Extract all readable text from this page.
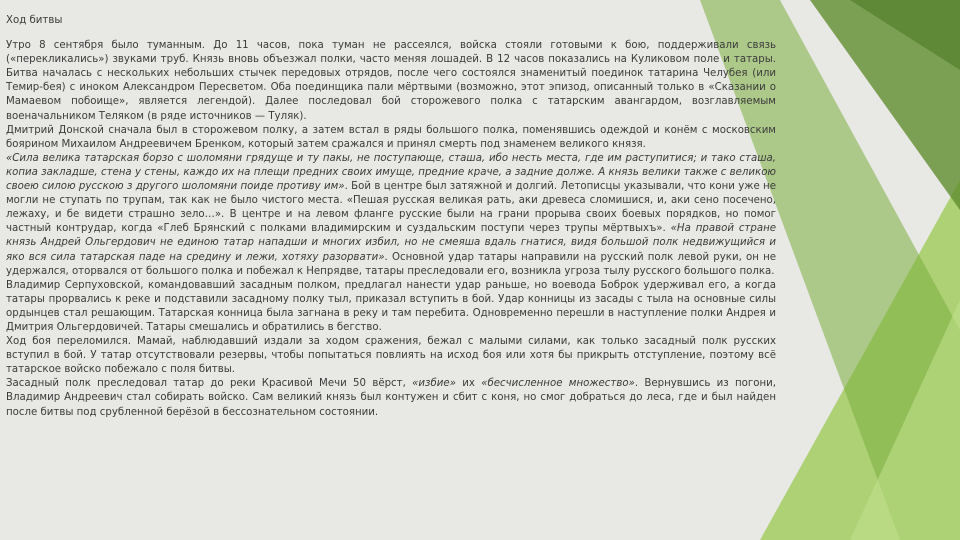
Ход битвы

Утро 8 сентября было туманным. До 11 часов, пока туман не рассеялся, войска стояли готовыми к бою, поддерживали связь («перекликались») звуками труб. Князь вновь объезжал полки, часто меняя лошадей. В 12 часов показались на Куликовом поле и татары. Битва началась с нескольких небольших стычек передовых отрядов, после чего состоялся знаменитый поединок татарина Челубея (или Темир-бея) с иноком Александром Пересветом. Оба поединщика пали мёртвыми (возможно, этот эпизод, описанный только в «Сказании о Мамаевом побоище», является легендой). Далее последовал бой сторожевого полка с татарским авангардом, возглавляемым военачальником Теляком (в ряде источников — Туляк).

Дмитрий Донской сначала был в сторожевом полку, а затем встал в ряды большого полка, поменявшись одеждой и конём с московским боярином Михаилом Андреевичем Бренком, который затем сражался и принял смерть под знаменем великого князя.

«Сила велика татарская борзо с шоломяни грядуще и ту пакы, не поступающе, сташа, ибо несть места, где им раступитися; и тако сташа, копиа закладше, стена у стены, каждо их на плещи предних своих имуще, предние краче, а задние долже. А князь велики также с великою своею силою русскою з другого шоломяни поиде противу им». Бой в центре был затяжной и долгий. Летописцы указывали, что кони уже не могли не ступать по трупам, так как не было чистого места. «Пешая русская великая рать, аки древеса сломишися, и, аки сено посечено, лежаху, и бе видети страшно зело…». В центре и на левом фланге русские были на грани прорыва своих боевых порядков, но помог частный контрудар, когда «Глеб Брянский с полками владимирским и суздальским поступи через трупы мёртвыхъ». «На правой стране князь Андрей Ольгердович не единою татар нападши и многих избил, но не смеяша вдаль гнатися, видя большой полк недвижущийся и яко вся сила татарская паде на средину и лежи, хотяху разорвати». Основной удар татары направили на русский полк левой руки, он не удержался, оторвался от большого полка и побежал к Непрядве, татары преследовали его, возникла угроза тылу русского большого полка.

Владимир Серпуховской, командовавший засадным полком, предлагал нанести удар раньше, но воевода Боброк удерживал его, а когда татары прорвались к реке и подставили засадному полку тыл, приказал вступить в бой. Удар конницы из засады с тыла на основные силы ордынцев стал решающим. Татарская конница была загнана в реку и там перебита. Одновременно перешли в наступление полки Андрея и Дмитрия Ольгердовичей. Татары смешались и обратились в бегство.

Ход боя переломился. Мамай, наблюдавший издали за ходом сражения, бежал с малыми силами, как только засадный полк русских вступил в бой. У татар отсутствовали резервы, чтобы попытаться повлиять на исход боя или хотя бы прикрыть отступление, поэтому всё татарское войско побежало с поля битвы.

Засадный полк преследовал татар до реки Красивой Мечи 50 вёрст, «избие» их «бесчисленное множество». Вернувшись из погони, Владимир Андреевич стал собирать войско. Сам великий князь был контужен и сбит с коня, но смог добраться до леса, где и был найден после битвы под срубленной берёзой в бессознательном состоянии.
